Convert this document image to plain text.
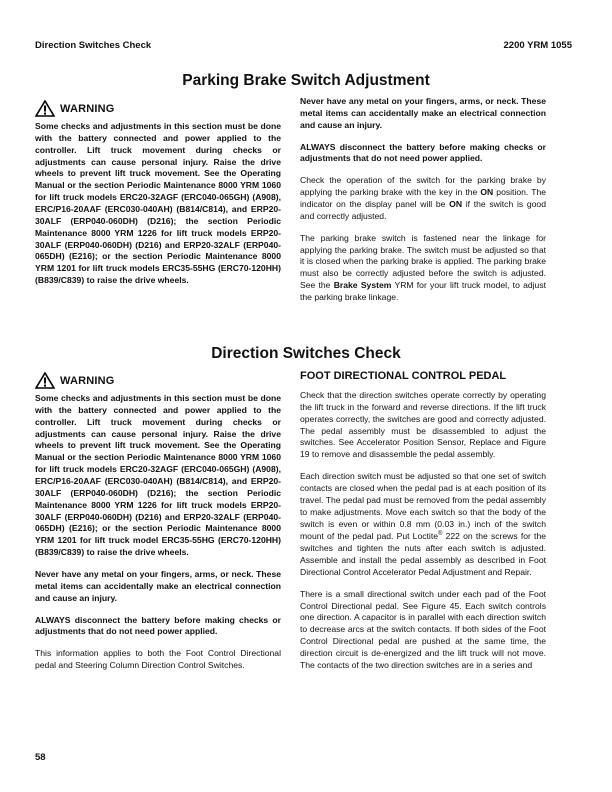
Direction Switches Check	2200 YRM 1055
Parking Brake Switch Adjustment
WARNING

Some checks and adjustments in this section must be done with the battery connected and power applied to the controller. Lift truck movement during checks or adjustments can cause personal injury. Raise the drive wheels to prevent lift truck movement. See the Operating Manual or the section Periodic Maintenance 8000 YRM 1060 for lift truck models ERC20-32AGF (ERC040-065GH) (A908), ERC/P16-20AAF (ERC030-040AH) (B814/C814), and ERP20-30ALF (ERP040-060DH) (D216); the section Periodic Maintenance 8000 YRM 1226 for lift truck models ERP20-30ALF (ERP040-060DH) (D216) and ERP20-32ALF (ERP040-065DH) (E216); or the section Periodic Maintenance 8000 YRM 1201 for lift truck models ERC35-55HG (ERC70-120HH) (B839/C839) to raise the drive wheels.

Never have any metal on your fingers, arms, or neck. These metal items can accidentally make an electrical connection and cause an injury.

ALWAYS disconnect the battery before making checks or adjustments that do not need power applied.

Check the operation of the switch for the parking brake by applying the parking brake with the key in the ON position. The indicator on the display panel will be ON if the switch is good and correctly adjusted.

The parking brake switch is fastened near the linkage for applying the parking brake. The switch must be adjusted so that it is closed when the parking brake is applied. The parking brake must also be correctly adjusted before the switch is adjusted. See the Brake System YRM for your lift truck model, to adjust the parking brake linkage.

Direction Switches Check
WARNING

Some checks and adjustments in this section must be done with the battery connected and power applied to the controller. Lift truck movement during checks or adjustments can cause personal injury. Raise the drive wheels to prevent lift truck movement. See the Operating Manual or the section Periodic Maintenance 8000 YRM 1060 for lift truck models ERC20-32AGF (ERC040-065GH) (A908), ERC/P16-20AAF (ERC030-040AH) (B814/C814), and ERP20-30ALF (ERP040-060DH) (D216); the section Periodic Maintenance 8000 YRM 1226 for lift truck models ERP20-30ALF (ERP040-060DH) (D216) and ERP20-32ALF (ERP040-065DH) (E216); or the section Periodic Maintenance 8000 YRM 1201 for lift truck model ERC35-55HG (ERC70-120HH) (B839/C839) to raise the drive wheels.

Never have any metal on your fingers, arms, or neck. These metal items can accidentally make an electrical connection and cause an injury.

ALWAYS disconnect the battery before making checks or adjustments that do not need power applied.

This information applies to both the Foot Control Directional pedal and Steering Column Direction Control Switches.

FOOT DIRECTIONAL CONTROL PEDAL

Check that the direction switches operate correctly by operating the lift truck in the forward and reverse directions. If the lift truck operates correctly, the switches are good and correctly adjusted. The pedal assembly must be disassembled to adjust the switches. See Accelerator Position Sensor, Replace and Figure 19 to remove and disassemble the pedal assembly.

Each direction switch must be adjusted so that one set of switch contacts are closed when the pedal pad is at each position of its travel. The pedal pad must be removed from the pedal assembly to make adjustments. Move each switch so that the body of the switch is even or within 0.8 mm (0.03 in.) inch of the switch mount of the pedal pad. Put Loctite® 222 on the screws for the switches and tighten the nuts after each switch is adjusted. Assemble and install the pedal assembly as described in Foot Directional Control Accelerator Pedal Adjustment and Repair.

There is a small directional switch under each pad of the Foot Control Directional pedal. See Figure 45. Each switch controls one direction. A capacitor is in parallel with each direction switch to decrease arcs at the switch contacts. If both sides of the Foot Control Directional pedal are pushed at the same time, the direction circuit is de-energized and the lift truck will not move. The contacts of the two direction switches are in a series and

58
